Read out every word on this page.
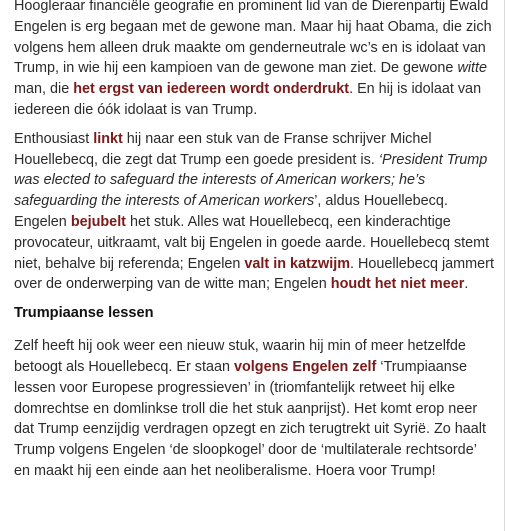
Hoogleraar financiële geografie en prominent lid van de Dierenpartij Ewald Engelen is erg begaan met de gewone man. Maar hij haat Obama, die zich volgens hem alleen druk maakte om genderneutrale wc’s en is idolaat van Trump, in wie hij een kampioen van de gewone man ziet. De gewone witte man, die het ergst van iedereen wordt onderdrukt. En hij is idolaat van iedereen die óók idolaat is van Trump.

Enthousiast linkt hij naar een stuk van de Franse schrijver Michel Houellebecq, die zegt dat Trump een goede president is. ‘President Trump was elected to safeguard the interests of American workers; he’s safeguarding the interests of American workers’, aldus Houellebecq. Engelen bejubelt het stuk. Alles wat Houellebecq, een kinderachtige provocateur, uitkraamt, valt bij Engelen in goede aarde. Houellebecq stemt niet, behalve bij referenda; Engelen valt in katzwijm. Houellebecq jammert over de onderwerping van de witte man; Engelen houdt het niet meer.

Trumpiaanse lessen

Zelf heeft hij ook weer een nieuw stuk, waarin hij min of meer hetzelfde betoogt als Houellebecq. Er staan volgens Engelen zelf ‘Trumpiaanse lessen voor Europese progressieven’ in (triomfantelijk retweet hij elke domrechtse en domlinkse troll die het stuk aanprijst). Het komt erop neer dat Trump eenzijdig verdragen opzegt en zich terugtrekt uit Syrië. Zo haalt Trump volgens Engelen ‘de sloopkogel’ door de ‘multilaterale rechtsorde’ en maakt hij een einde aan het neoliberalisme. Hoera voor Trump!
